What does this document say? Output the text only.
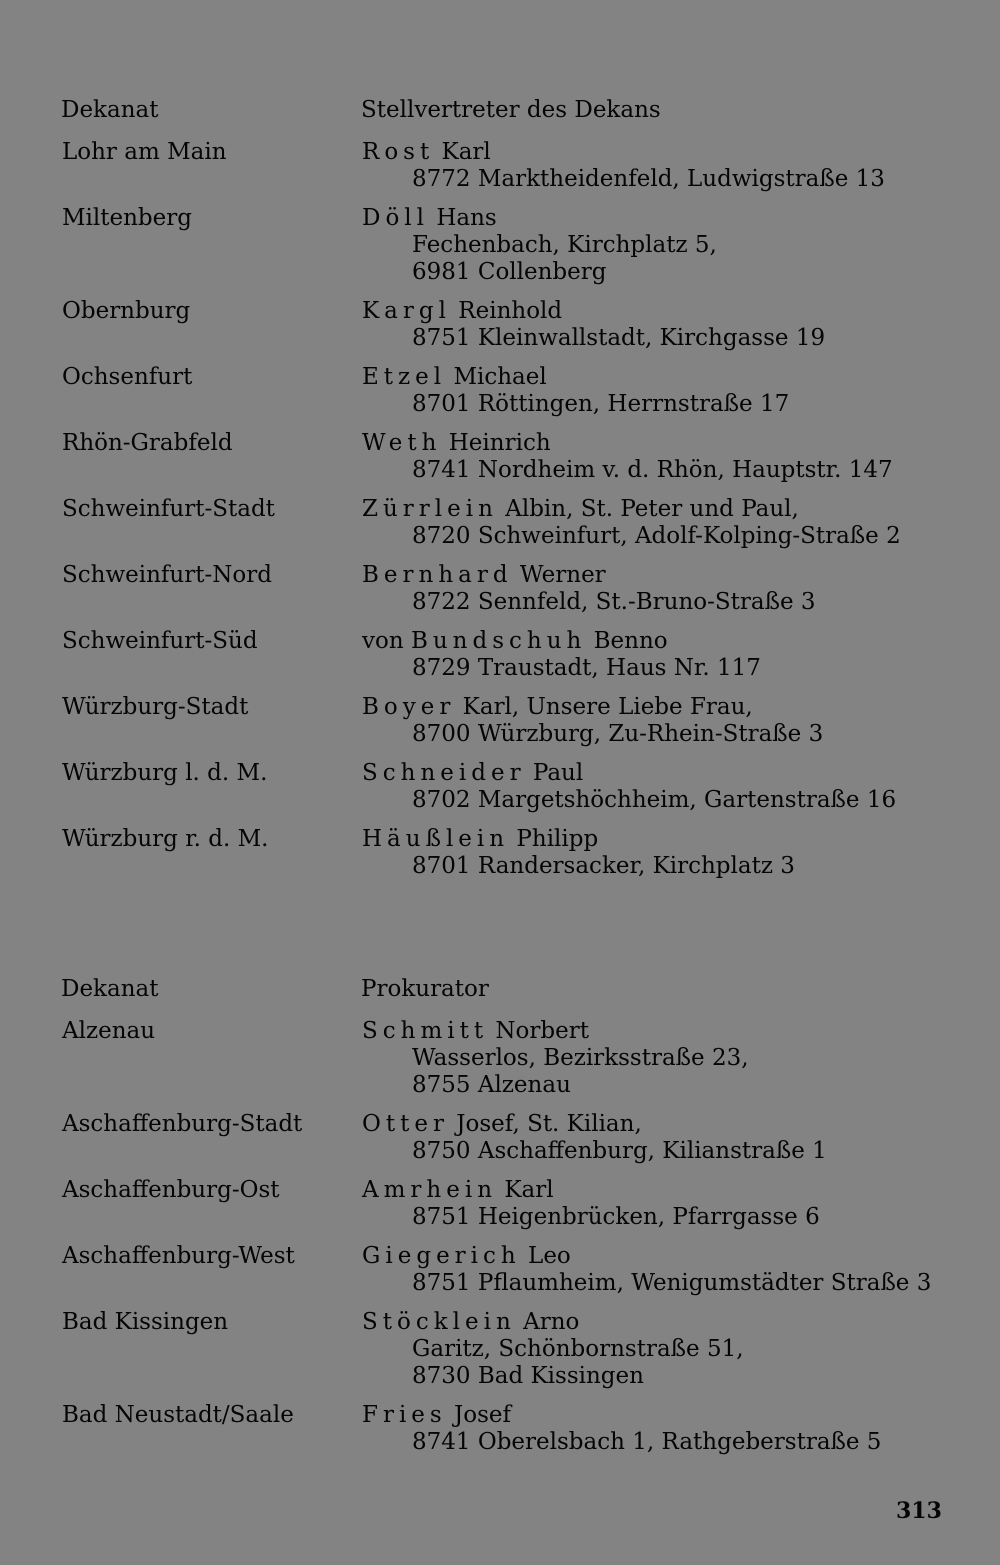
Dekanat	Stellvertreter des Dekans
Lohr am Main	Rost Karl
8772 Marktheidenfeld, Ludwigstraße 13
Miltenberg	Döll Hans
Fechenbach, Kirchplatz 5,
6981 Collenberg
Obernburg	Kargl Reinhold
8751 Kleinwallstadt, Kirchgasse 19
Ochsenfurt	Etzel Michael
8701 Röttingen, Herrnstraße 17
Rhön-Grabfeld	Weth Heinrich
8741 Nordheim v. d. Rhön, Hauptstr. 147
Schweinfurt-Stadt	Zürrlein Albin, St. Peter und Paul,
8720 Schweinfurt, Adolf-Kolping-Straße 2
Schweinfurt-Nord	Bernhard Werner
8722 Sennfeld, St.-Bruno-Straße 3
Schweinfurt-Süd	von Bundschuh Benno
8729 Traustadt, Haus Nr. 117
Würzburg-Stadt	Boyer Karl, Unsere Liebe Frau,
8700 Würzburg, Zu-Rhein-Straße 3
Würzburg l. d. M.	Schneider Paul
8702 Margetshöchheim, Gartenstraße 16
Würzburg r. d. M.	Häußlein Philipp
8701 Randersacker, Kirchplatz 3
Dekanat	Prokurator
Alzenau	Schmitt Norbert
Wasserlos, Bezirksstraße 23,
8755 Alzenau
Aschaffenburg-Stadt	Otter Josef, St. Kilian,
8750 Aschaffenburg, Kilianstraße 1
Aschaffenburg-Ost	Amrhein Karl
8751 Heigenbrücken, Pfarrgasse 6
Aschaffenburg-West	Giegerich Leo
8751 Pflaumheim, Wenigumstädter Straße 3
Bad Kissingen	Stöcklein Arno
Garitz, Schönbornstraße 51,
8730 Bad Kissingen
Bad Neustadt/Saale	Fries Josef
8741 Oberelsbach 1, Rathgeberstraße 5
313
